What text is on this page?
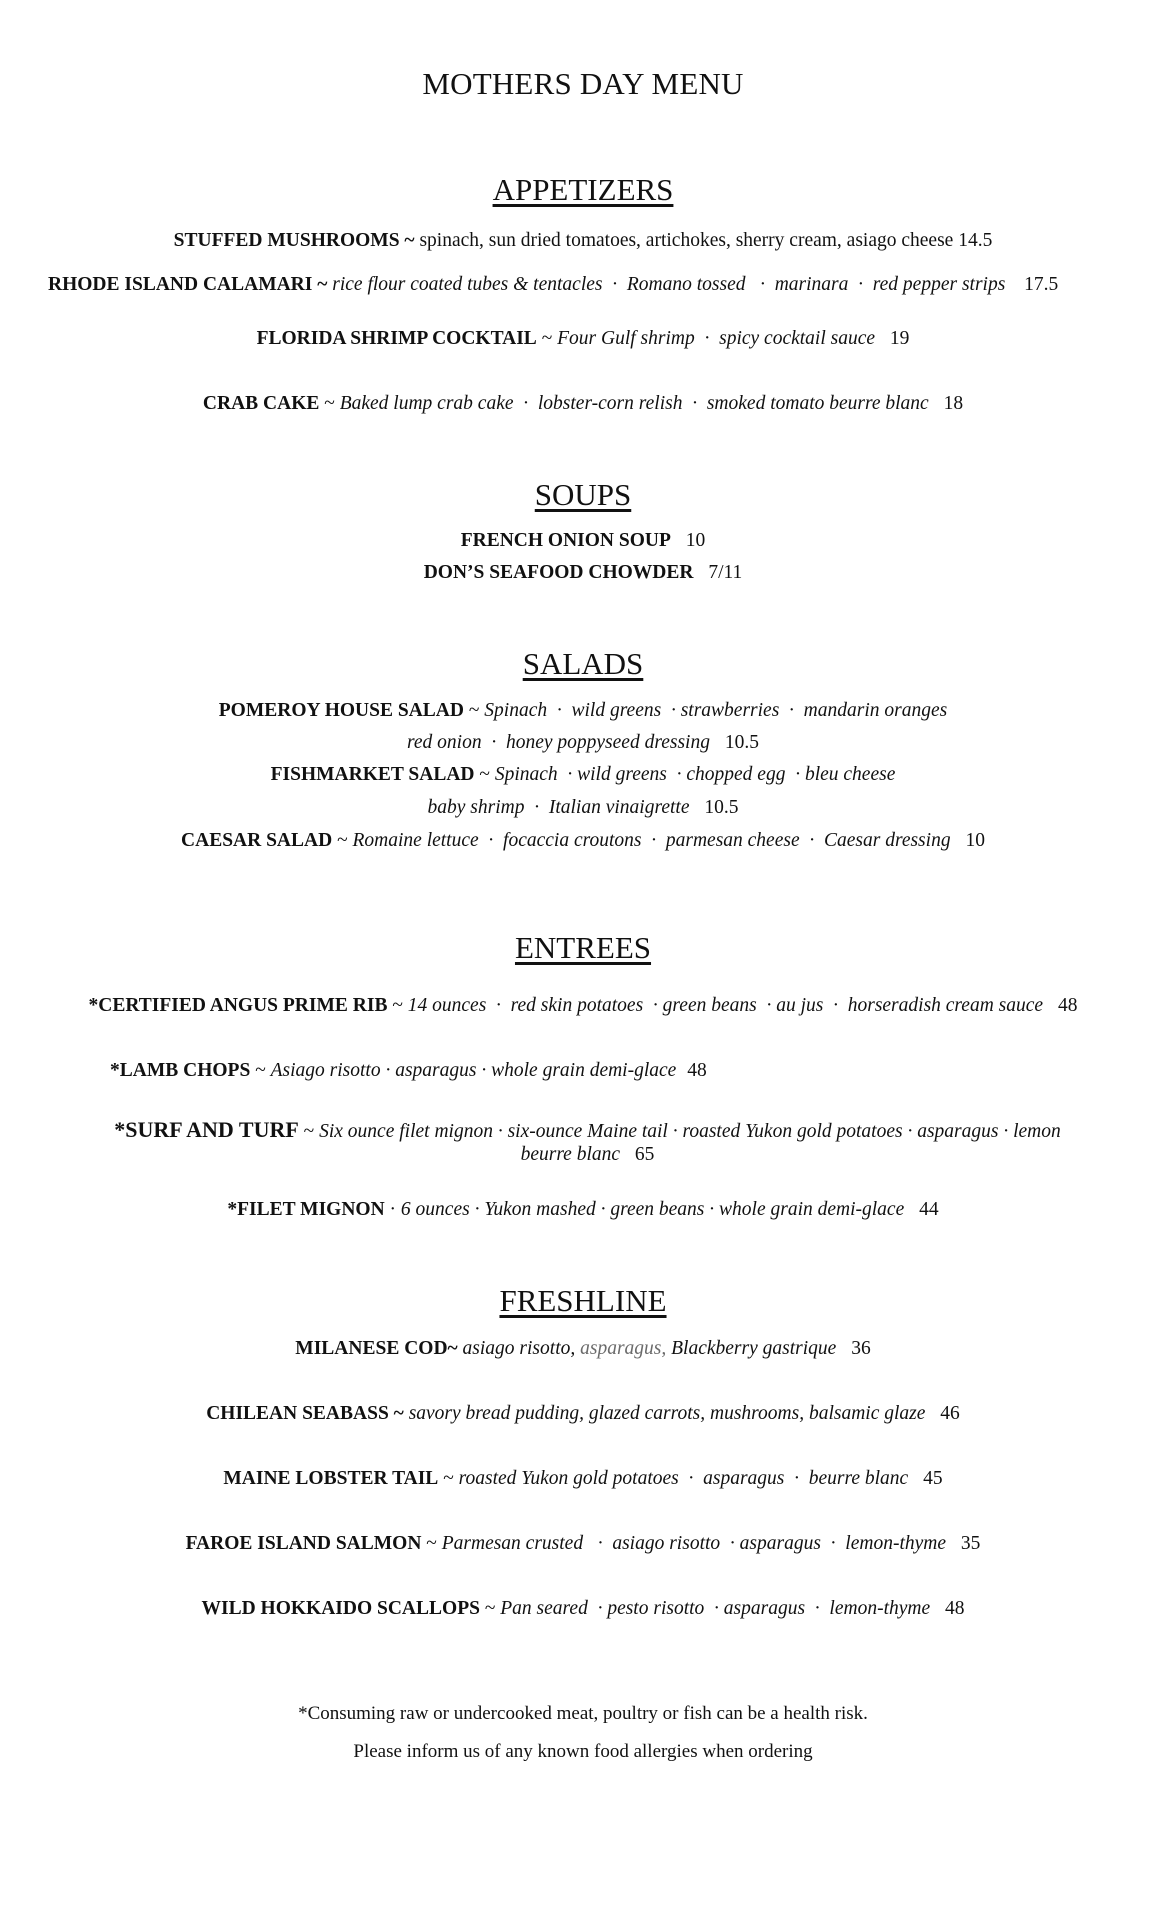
MOTHERS DAY MENU
APPETIZERS
STUFFED MUSHROOMS ~ spinach, sun dried tomatoes, artichokes, sherry cream, asiago cheese 14.5
RHODE ISLAND CALAMARI ~ rice flour coated tubes & tentacles  ·  Romano tossed   ·  marinara  ·  red pepper strips 17.5
FLORIDA SHRIMP COCKTAIL ~ Four Gulf shrimp  ·  spicy cocktail sauce 19
CRAB CAKE ~ Baked lump crab cake  ·  lobster-corn relish  ·  smoked tomato beurre blanc 18
SOUPS
FRENCH ONION SOUP 10
DON’S SEAFOOD CHOWDER 7/11
SALADS
POMEROY HOUSE SALAD ~ Spinach  ·  wild greens  · strawberries  ·  mandarin oranges
red onion  ·  honey poppyseed dressing 10.5
FISHMARKET SALAD ~ Spinach  · wild greens  · chopped egg  · bleu cheese
baby shrimp  ·  Italian vinaigrette 10.5
CAESAR SALAD ~ Romaine lettuce  ·  focaccia croutons  ·  parmesan cheese  ·  Caesar dressing 10
ENTREES
*CERTIFIED ANGUS PRIME RIB ~ 14 ounces  ·  red skin potatoes  · green beans  · au jus  ·  horseradish cream sauce 48
*LAMB CHOPS ~ Asiago risotto · asparagus · whole grain demi-glace 48
*SURF AND TURF ~ Six ounce filet mignon · six-ounce Maine tail · roasted Yukon gold potatoes · asparagus · lemon beurre blanc 65
*FILET MIGNON · 6 ounces · Yukon mashed · green beans · whole grain demi-glace 44
FRESHLINE
MILANESE COD~ asiago risotto, asparagus, Blackberry gastrique 36
CHILEAN SEABASS ~ savory bread pudding, glazed carrots, mushrooms, balsamic glaze 46
MAINE LOBSTER TAIL ~ roasted Yukon gold potatoes  ·  asparagus  ·  beurre blanc 45
FAROE ISLAND SALMON ~ Parmesan crusted   ·  asiago risotto  · asparagus  ·  lemon-thyme 35
WILD HOKKAIDO SCALLOPS ~ Pan seared  · pesto risotto  · asparagus  ·  lemon-thyme 48
*Consuming raw or undercooked meat, poultry or fish can be a health risk.
Please inform us of any known food allergies when ordering
